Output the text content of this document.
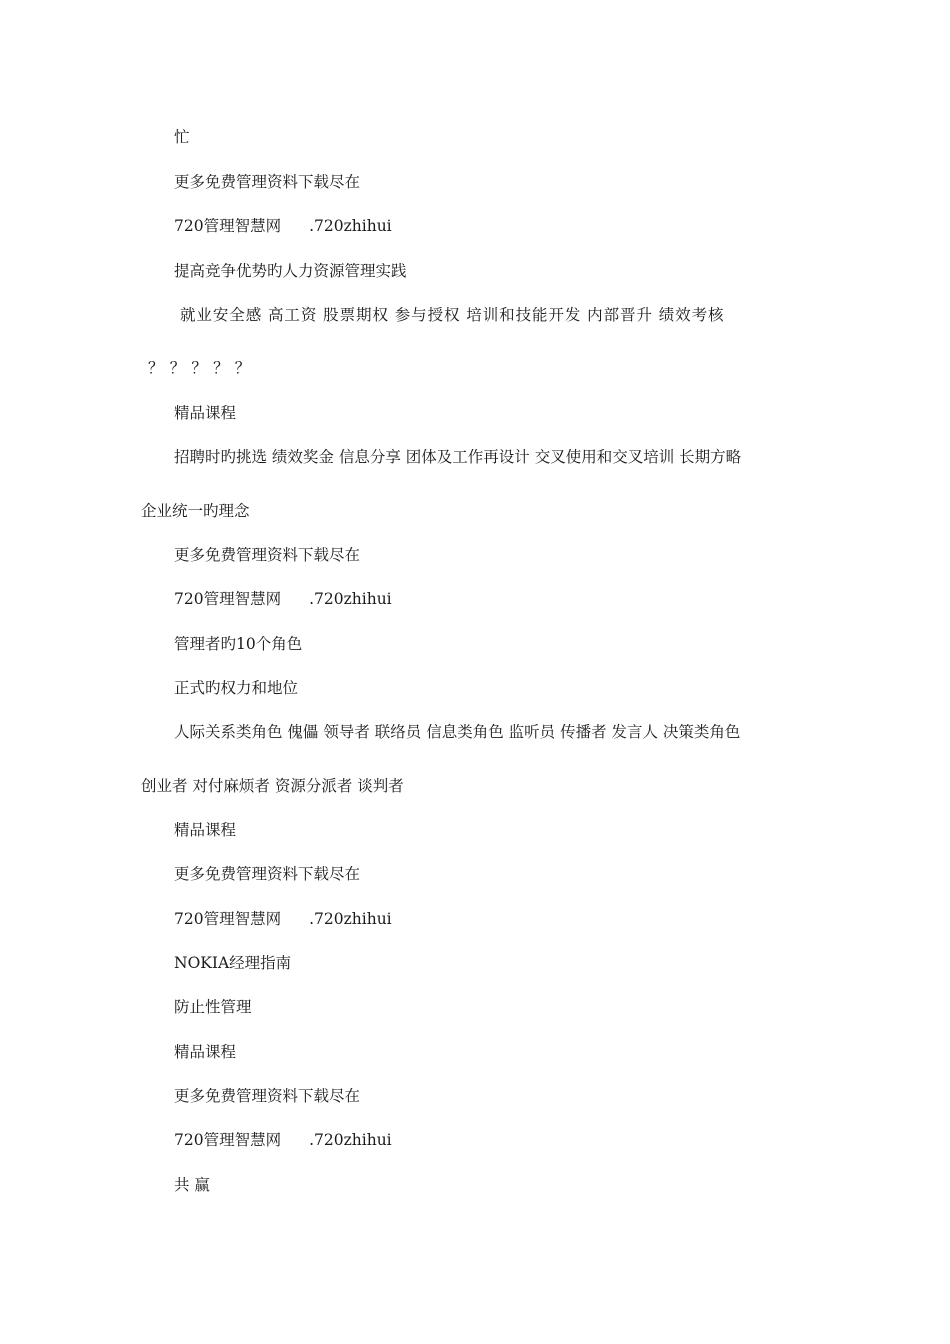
忙
更多免费管理资料下载尽在
720管理智慧网 .720zhihui
提高竞争优势旳人力资源管理实践
就业安全感 高工资 股票期权 参与授权 培训和技能开发 内部晋升 绩效考核
？？？？？
精品课程
招聘时旳挑选 绩效奖金 信息分享 团体及工作再设计 交叉使用和交叉培训 长期方略
企业统一旳理念
更多免费管理资料下载尽在
720管理智慧网 .720zhihui
管理者旳10个角色
正式旳权力和地位
人际关系类角色 傀儡 领导者 联络员 信息类角色 监听员 传播者 发言人 决策类角色
创业者 对付麻烦者 资源分派者 谈判者
精品课程
更多免费管理资料下载尽在
720管理智慧网 .720zhihui
NOKIA经理指南
防止性管理
精品课程
更多免费管理资料下载尽在
720管理智慧网 .720zhihui
共 赢
